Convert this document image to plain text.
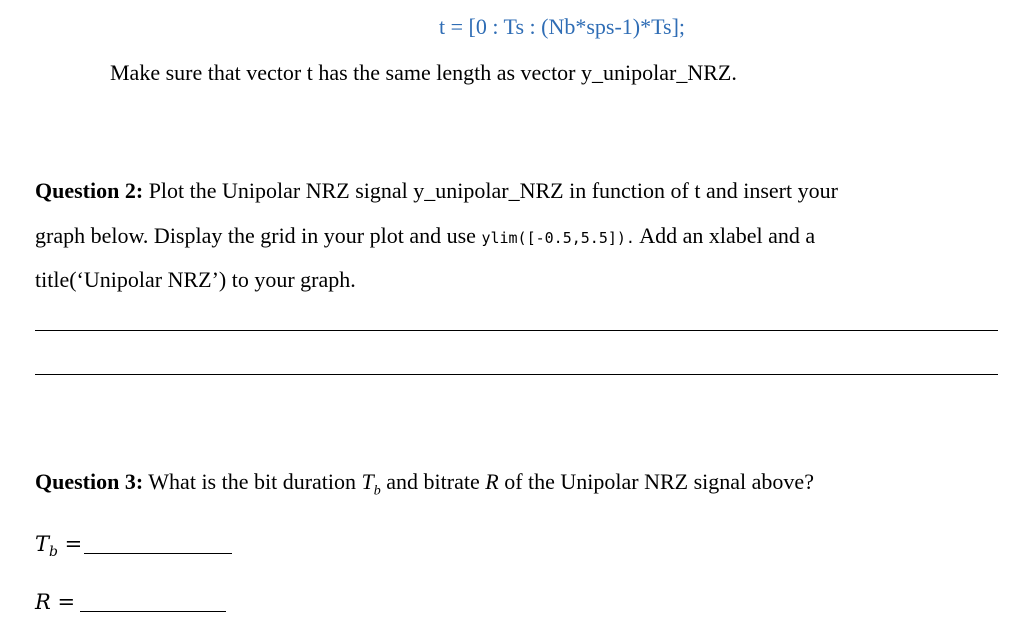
t = [0 : Ts : (Nb*sps-1)*Ts];
Make sure that vector t has the same length as vector y_unipolar_NRZ.
Question 2: Plot the Unipolar NRZ signal y_unipolar_NRZ in function of t and insert your
graph below. Display the grid in your plot and use ylim([-0.5,5.5]). Add an xlabel and a
title(‘Unipolar NRZ’) to your graph.
Question 3: What is the bit duration $T_b$ and bitrate R of the Unipolar NRZ signal above?
$T_b$ =
R =
